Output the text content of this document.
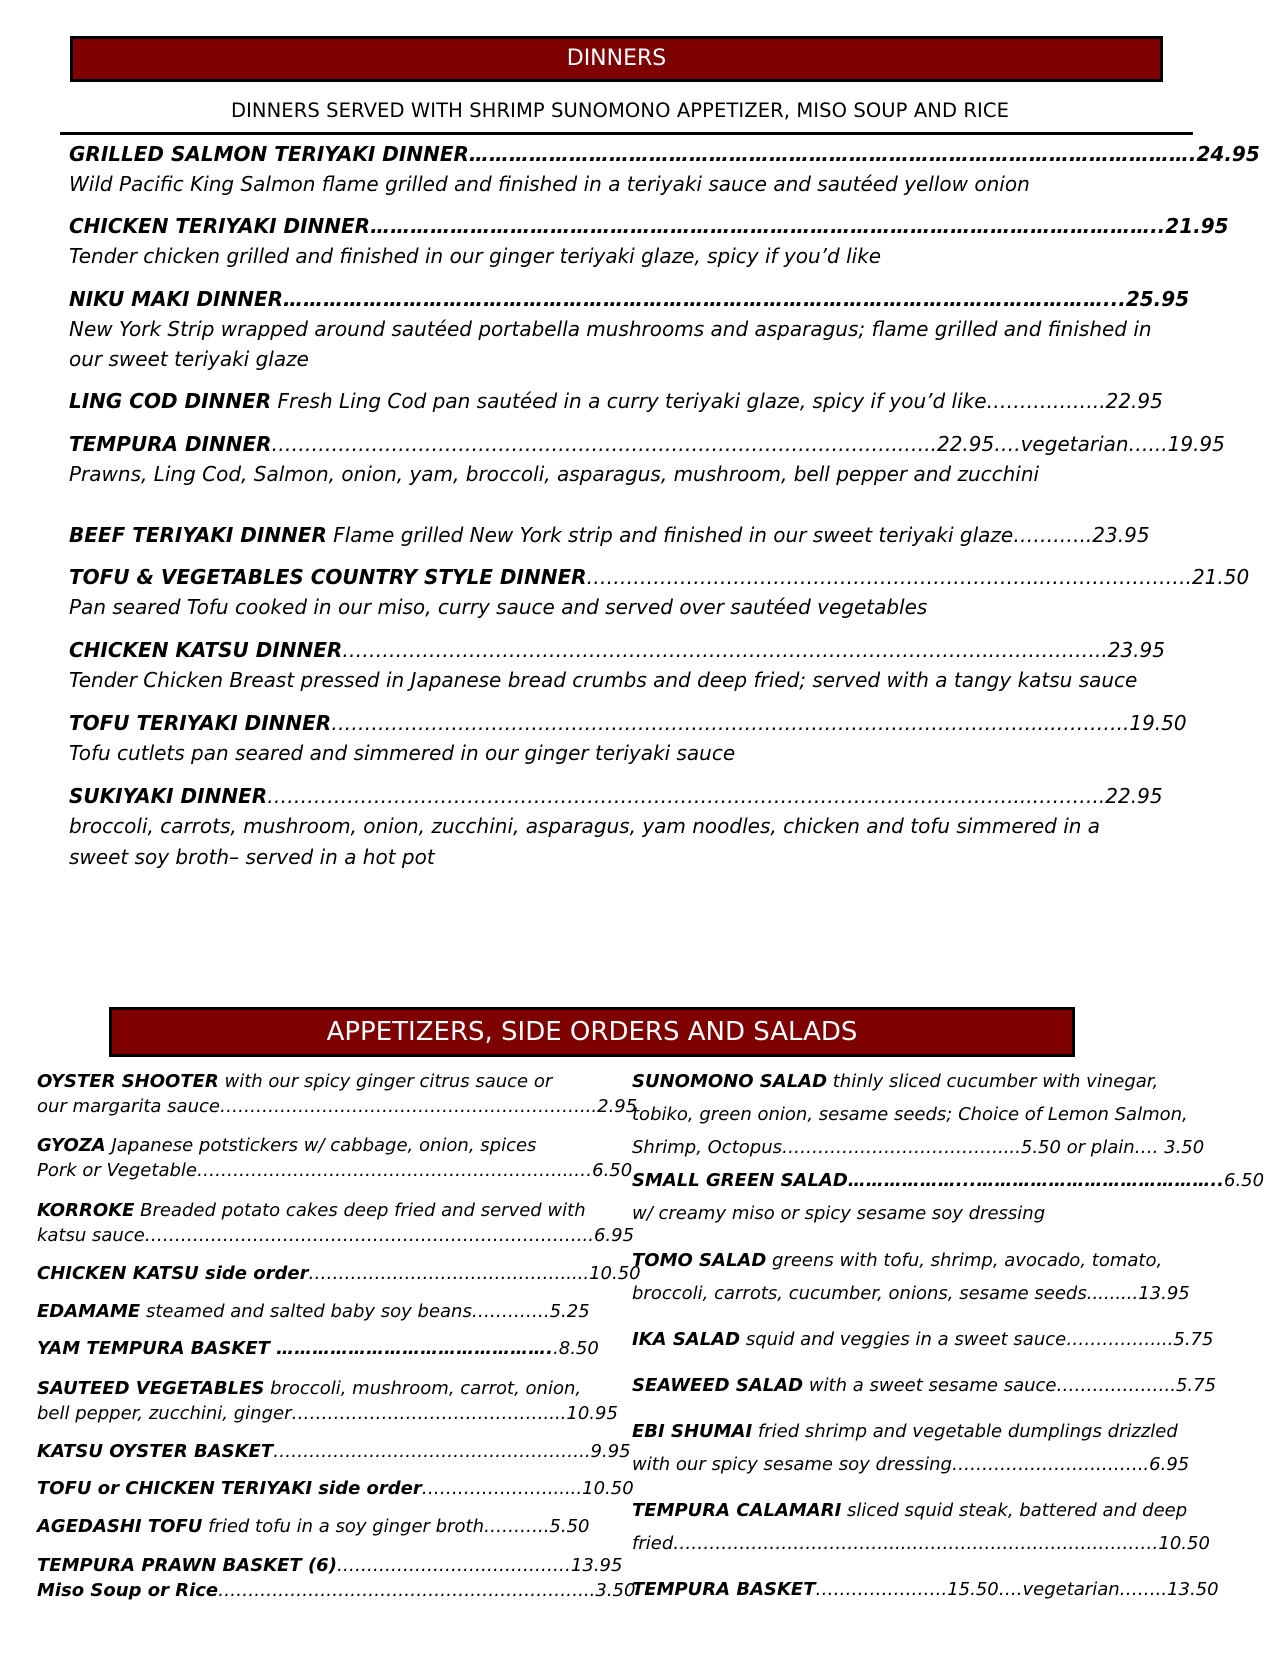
DINNERS
DINNERS SERVED WITH SHRIMP SUNOMONO APPETIZER, MISO SOUP AND RICE
GRILLED SALMON TERIYAKI DINNER……………………………………………………………………………………………….24.95
Wild Pacific King Salmon flame grilled and finished in a teriyaki sauce and sautéed yellow onion
CHICKEN TERIYAKI DINNER………………………………………………………………………………………………………..21.95
Tender chicken grilled and finished in our ginger teriyaki glaze, spicy if you’d like
NIKU MAKI DINNER……………………………………………………………………………………………………………...25.95
New York Strip wrapped around sautéed portabella mushrooms and asparagus; flame grilled and finished in
our sweet teriyaki glaze
LING COD DINNER Fresh Ling Cod pan sautéed in a curry teriyaki glaze, spicy if you’d like……….……..22.95
TEMPURA DINNER…………………………………………………………………………………..…..22.95….vegetarian…...19.95
Prawns, Ling Cod, Salmon, onion, yam, broccoli, asparagus, mushroom, bell pepper and zucchini
BEEF TERIYAKI DINNER Flame grilled New York strip and finished in our sweet teriyaki glaze…….…..23.95
TOFU & VEGETABLES COUNTRY STYLE DINNER…………………………………………………………...………………….21.50
Pan seared Tofu cooked in our miso, curry sauce and served over sautéed vegetables
CHICKEN KATSU DINNER……………………………………………………………………………………..……………..23.95
Tender Chicken Breast pressed in Japanese bread crumbs and deep fried; served with a tangy katsu sauce
TOFU TERIYAKI DINNER……………………………………………………………………………………………....………..19.50
Tofu cutlets pan seared and simmered in our ginger teriyaki sauce
SUKIYAKI DINNER…………………………………………………………………………………………………....………..22.95
broccoli, carrots, mushroom, onion, zucchini, asparagus, yam noodles, chicken and tofu simmered in a
sweet soy broth– served in a hot pot
APPETIZERS, SIDE ORDERS AND SALADS
OYSTER SHOOTER with our spicy ginger citrus sauce or
our margarita sauce……………………………………………………...2.95
GYOZA Japanese potstickers w/ cabbage, onion, spices
Pork or Vegetable……………………………………………………...…6.50
KORROKE Breaded potato cakes deep fried and served with
katsu sauce………………………………………………………………...6.95
CHICKEN KATSU side order…………………………………….....10.50
EDAMAME steamed and salted baby soy beans………….5.25
YAM TEMPURA BASKET ………………………………………..8.50
SAUTEED VEGETABLES broccoli, mushroom, carrot, onion,
bell pepper, zucchini, ginger……………………………………....10.95
KATSU OYSTER BASKET……………………………………………..9.95
TOFU or CHICKEN TERIYAKI side order…………………......10.50
AGEDASHI TOFU fried tofu in a soy ginger broth………..5.50
TEMPURA PRAWN BASKET (6)…………………………………13.95
Miso Soup or Rice……………………………………………………...3.50
SUNOMONO SALAD thinly sliced cucumber with vinegar,
tobiko, green onion, sesame seeds; Choice of Lemon Salmon,
Shrimp, Octopus………………………………....5.50 or plain…. 3.50
SMALL GREEN SALAD………………...…………………………………..6.50
w/ creamy miso or spicy sesame soy dressing
TOMO SALAD greens with tofu, shrimp, avocado, tomato,
broccoli, carrots, cucumber, onions, sesame seeds.........13.95
IKA SALAD squid and veggies in a sweet sauce……………...5.75
SEAWEED SALAD with a sweet sesame sauce………………..5.75
EBI SHUMAI fried shrimp and vegetable dumplings drizzled
with our spicy sesame soy dressing…………………….……..6.95
TEMPURA CALAMARI sliced squid steak, battered and deep
fried………………………………...……………………………………10.50
TEMPURA BASKET………………….15.50….vegetarian……..13.50
